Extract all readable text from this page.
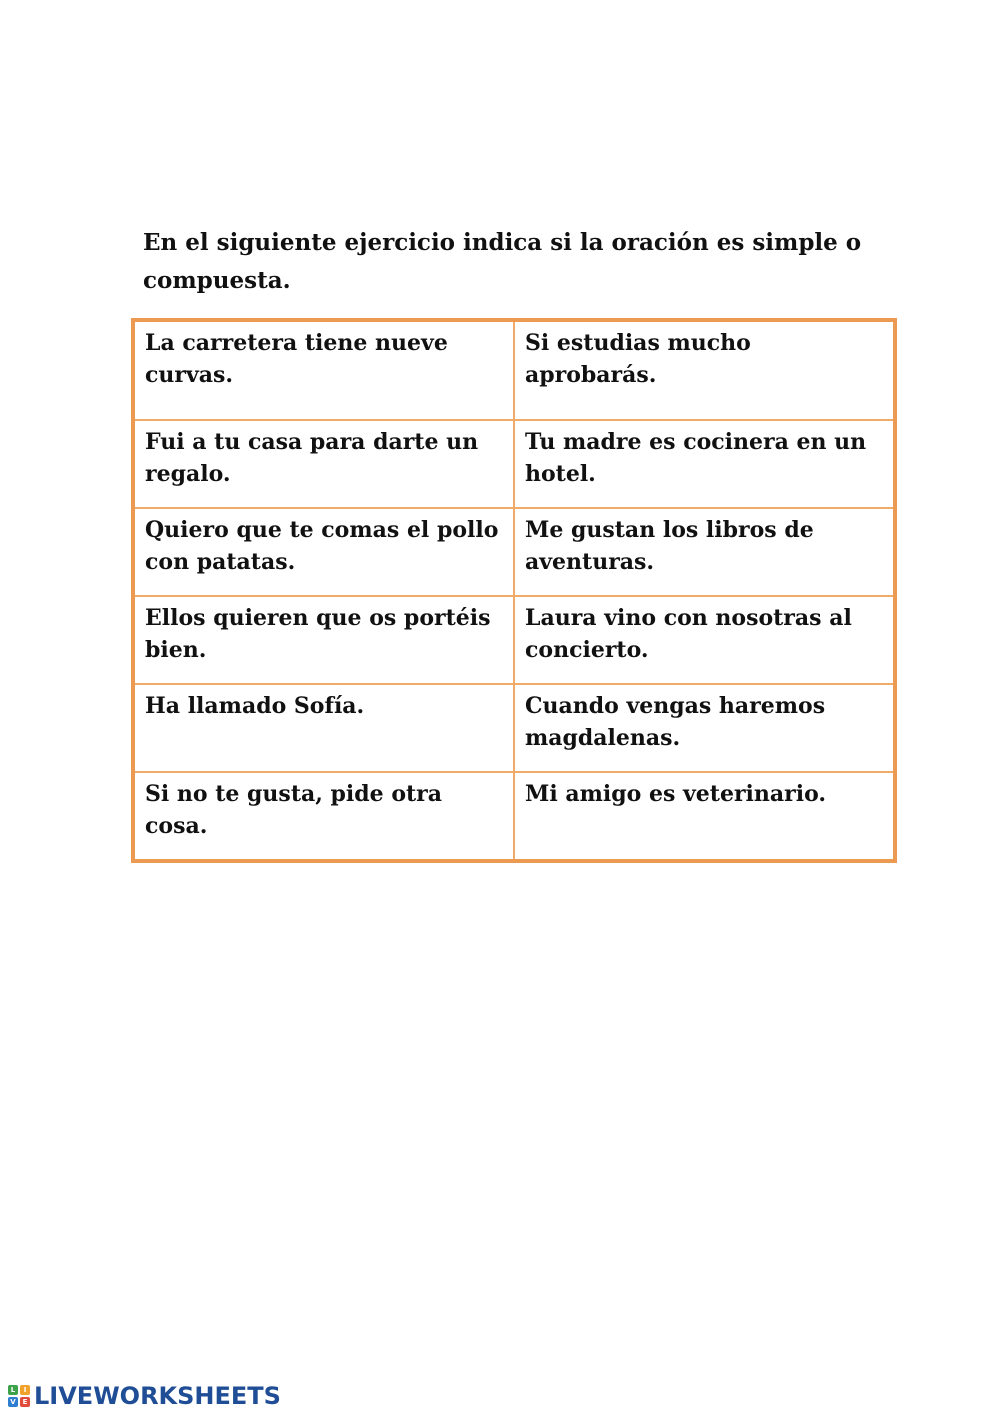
En el siguiente ejercicio indica si la oración es simple o compuesta.

La carretera tiene nueve curvas.	Si estudias mucho aprobarás.
Fui a tu casa para darte un regalo.	Tu madre es cocinera en un hotel.
Quiero que te comas el pollo con patatas.	Me gustan los libros de aventuras.
Ellos quieren que os portéis bien.	Laura vino con nosotras al concierto.
Ha llamado Sofía.	Cuando vengas haremos magdalenas.
Si no te gusta, pide otra cosa.	Mi amigo es veterinario.
L	I
V E LIVEWORKSHEETS
